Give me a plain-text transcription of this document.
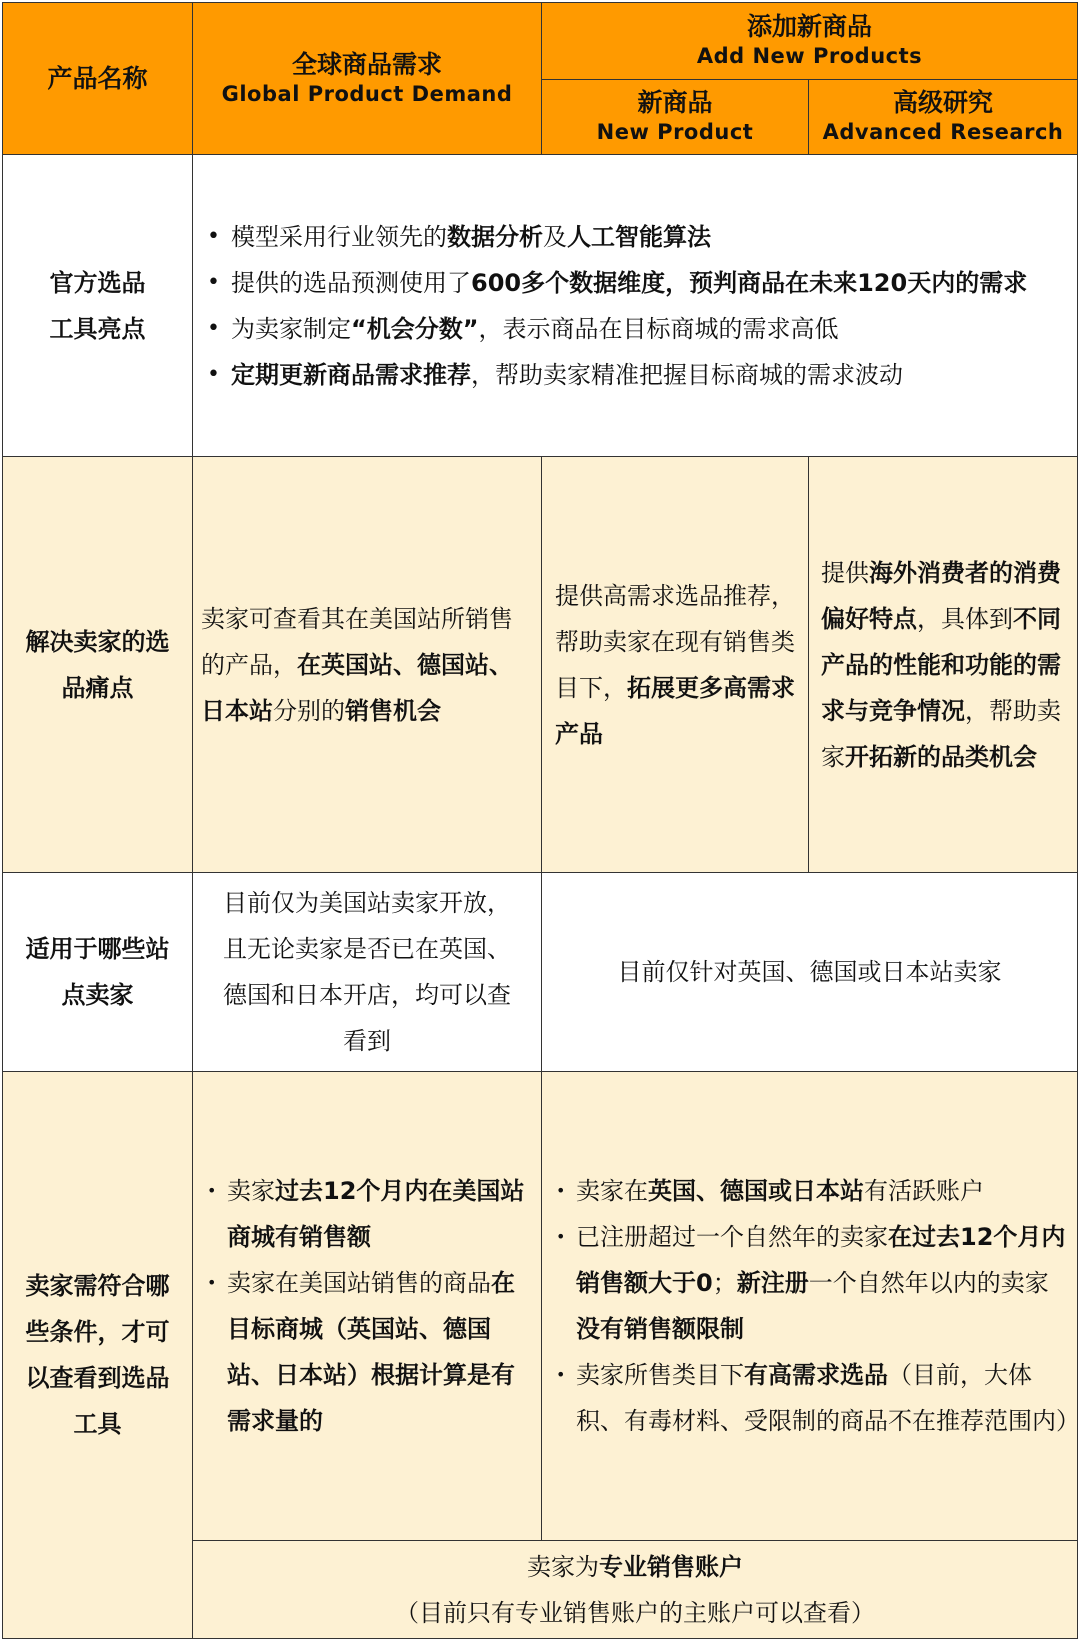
产品名称	全球商品需求
Global Product Demand
添加新商品
Add New Products
新商品
New Product
高级研究
Advanced Research
官方选品
工具亮点
• 模型采用行业领先的数据分析及人工智能算法
• 提供的选品预测使用了600多个数据维度，预判商品在未来120天内的需求
• 为卖家制定“机会分数”，表示商品在目标商城的需求高低
• 定期更新商品需求推荐，帮助卖家精准把握目标商城的需求波动
解决卖家的选
品痛点
卖家可查看其在美国站所销售的产品，在英国站、德国站、日本站分别的销售机会
提供高需求选品推荐，帮助卖家在现有销售类目下，拓展更多高需求产品
提供海外消费者的消费偏好特点，具体到不同产品的性能和功能的需求与竞争情况，帮助卖家开拓新的品类机会
适用于哪些站
点卖家
目前仅为美国站卖家开放，
且无论卖家是否已在英国、
德国和日本开店，均可以查
看到
目前仅针对英国、德国或日本站卖家
卖家需符合哪
些条件，才可
以查看到选品
工具
• 卖家过去12个月内在美国站商城有销售额
• 卖家在美国站销售的商品在目标商城（英国站、德国站、日本站）根据计算是有需求量的
• 卖家在英国、德国或日本站有活跃账户
• 已注册超过一个自然年的卖家在过去12个月内销售额大于0；新注册一个自然年以内的卖家没有销售额限制
• 卖家所售类目下有高需求选品（目前，大体积、有毒材料、受限制的商品不在推荐范围内）
卖家为专业销售账户
（目前只有专业销售账户的主账户可以查看）
